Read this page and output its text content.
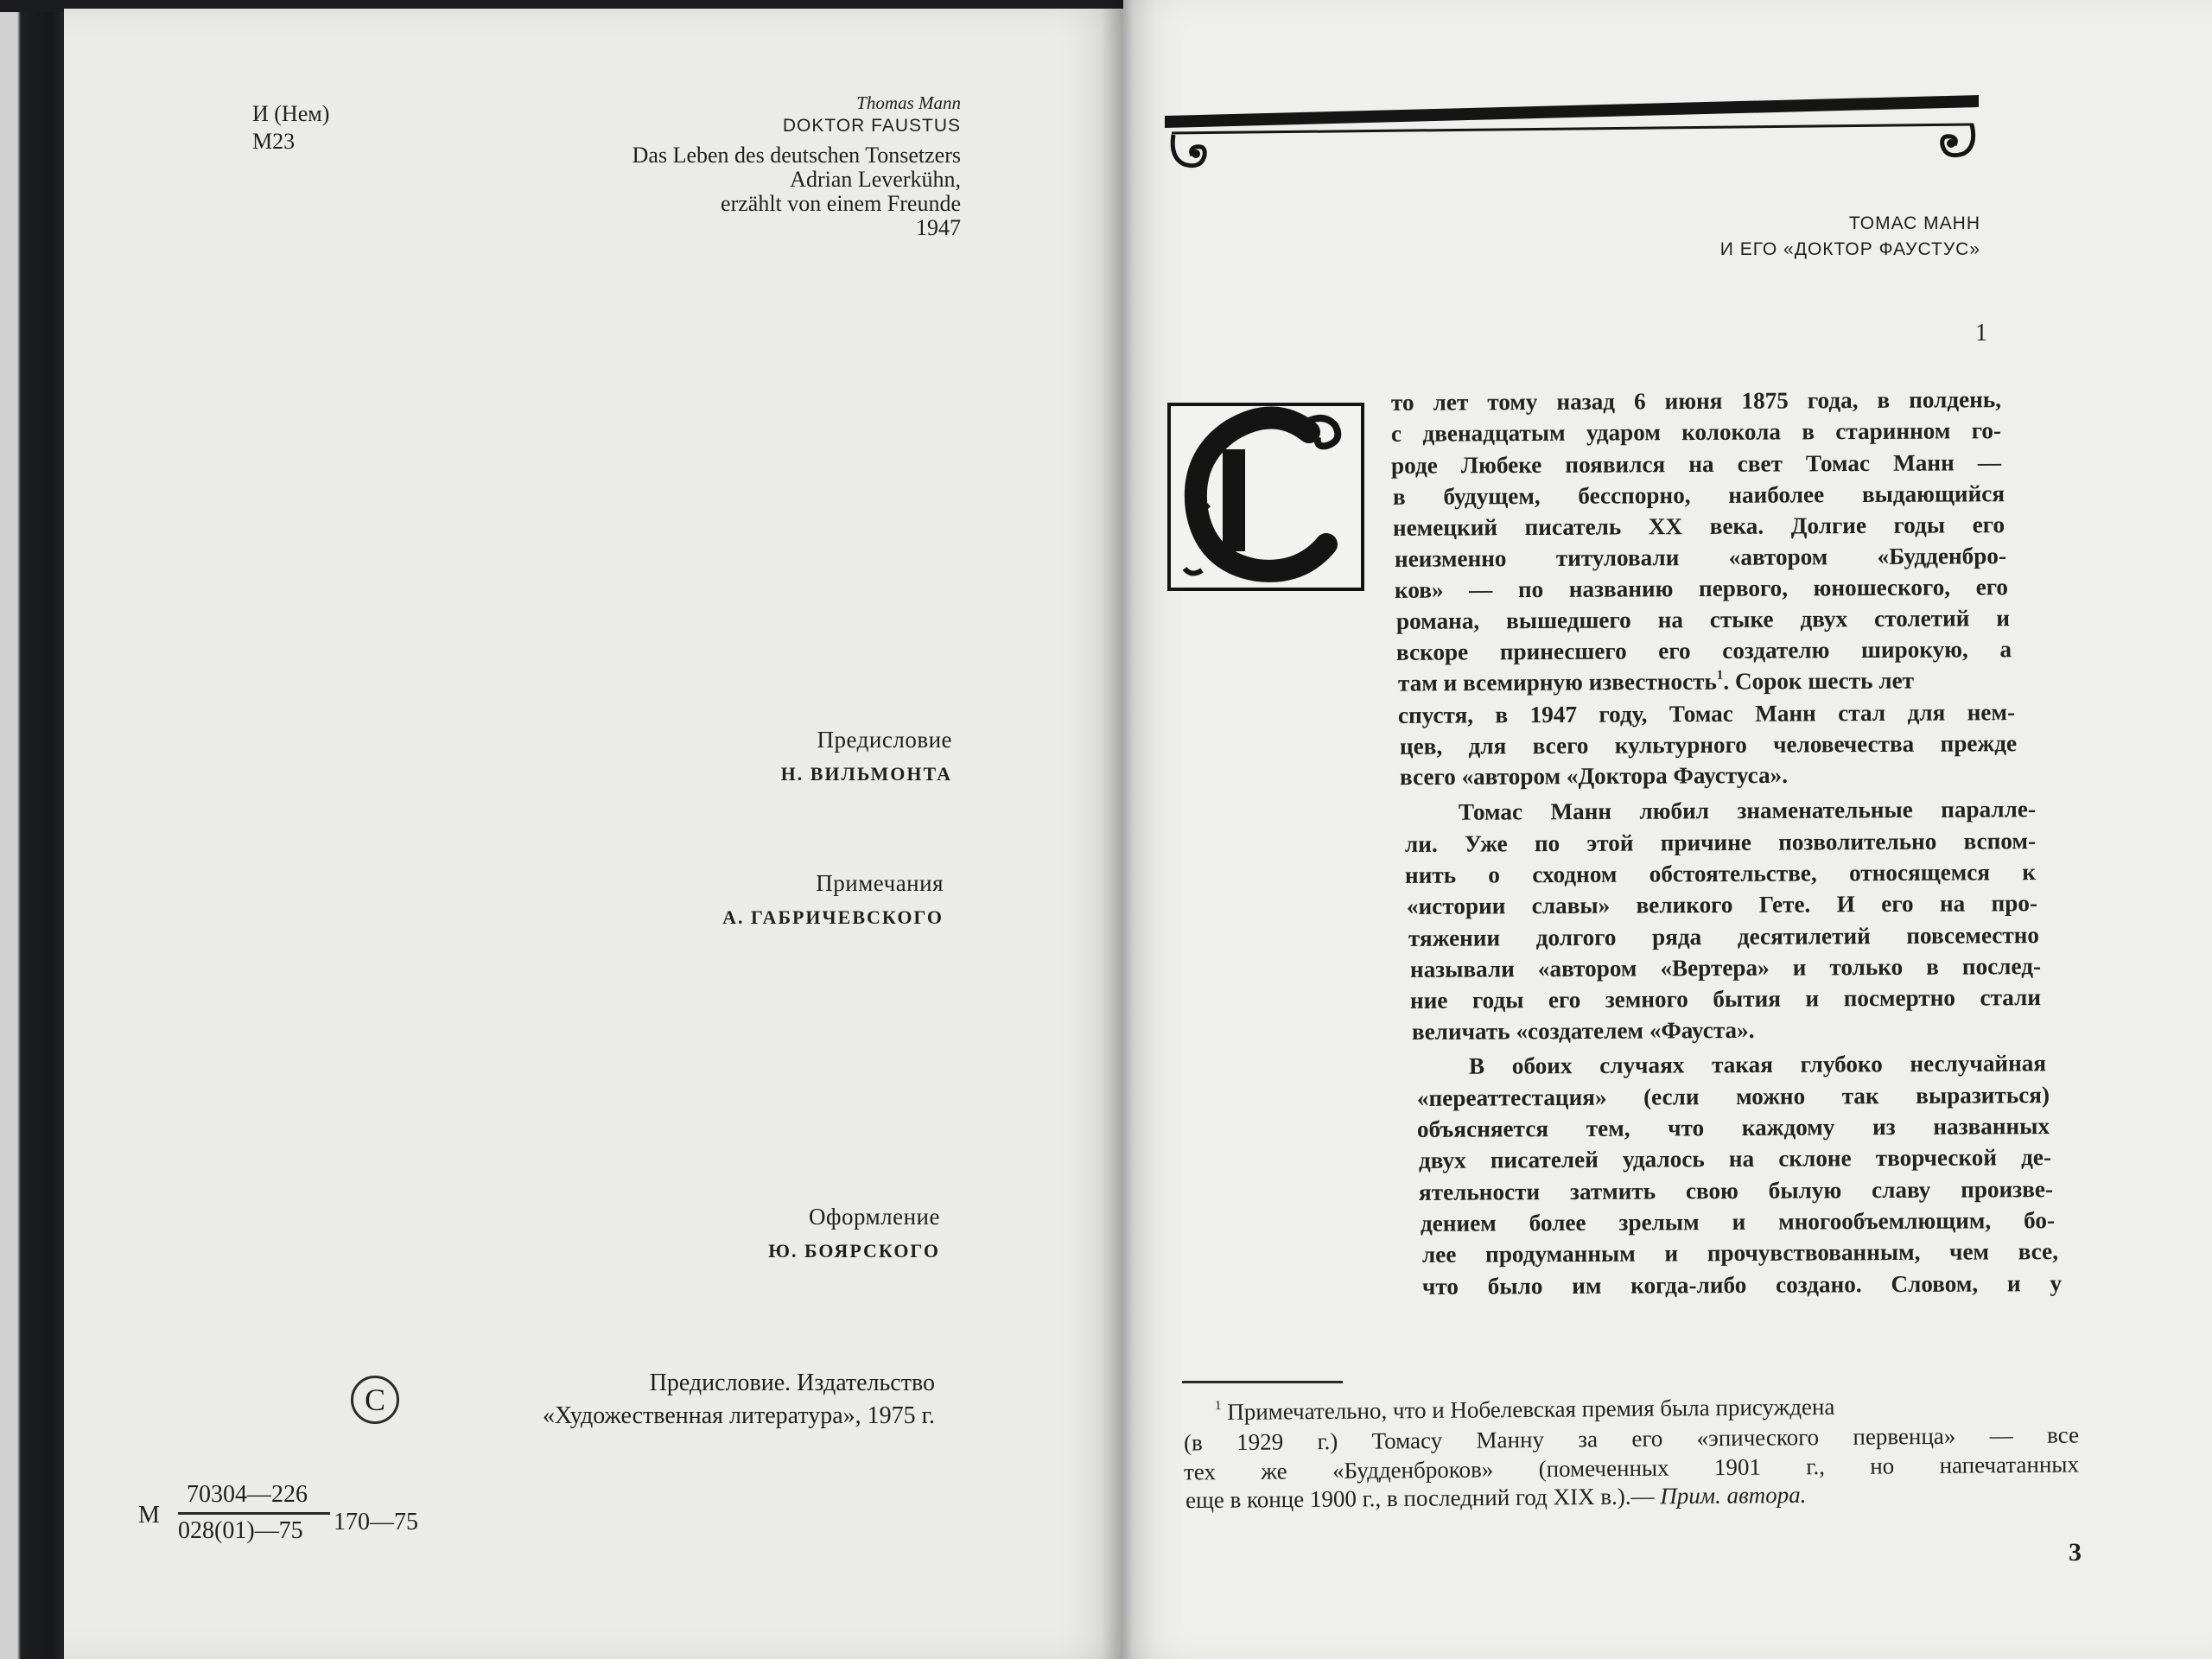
И (Нем)
М23
Thomas Mann
DOKTOR FAUSTUS
Das Leben des deutschen Tonsetzers
Adrian Leverkühn,
erzählt von einem Freunde
1947
Предисловие
Н. ВИЛЬМОНТА
Примечания
А. ГАБРИЧЕВСКОГО
Оформление
Ю. БОЯРСКОГО
C	Предисловие. Издательство
«Художественная литература», 1975 г.
М
70304—226
028(01)—75 170—75
ТОМАС МАНН
И ЕГО «ДОКТОР ФАУСТУС»
1
то лет тому назад 6 июня 1875 года, в полдень,
с двенадцатым ударом колокола в старинном го-
роде Любеке появился на свет Томас Манн —
в будущем, бесспорно, наиболее выдающийся
немецкий писатель XX века. Долгие годы его
неизменно титуловали «автором «Будденбро-
ков» — по названию первого, юношеского, его
романа, вышедшего на стыке двух столетий и
вскоре принесшего его создателю широкую, а
там и всемирную известность$^1$. Сорок шесть лет
спустя, в 1947 году, Томас Манн стал для нем-
цев, для всего культурного человечества прежде
всего «автором «Доктора Фаустуса».
Томас Манн любил знаменательные паралле-
ли. Уже по этой причине позволительно вспом-
нить о сходном обстоятельстве, относящемся к
«истории славы» великого Гете. И его на про-
тяжении долгого ряда десятилетий повсеместно
называли «автором «Вертера» и только в послед-
ние годы его земного бытия и посмертно стали
величать «создателем «Фауста».
В обоих случаях такая глубоко неслучайная
«переаттестация» (если можно так выразиться)
объясняется тем, что каждому из названных
двух писателей удалось на склоне творческой де-
ятельности затмить свою былую славу произве-
дением более зрелым и многообъемлющим, бо-
лее продуманным и прочувствованным, чем все,
что было им когда-либо создано. Словом, и у
$^1$ Примечательно, что и Нобелевская премия была присуждена
(в 1929 г.) Томасу Манну за его «эпического первенца» — все
тех же «Будденброков» (помеченных 1901 г., но напечатанных
еще в конце 1900 г., в последний год XIX в.).— Прим. автора.
3
